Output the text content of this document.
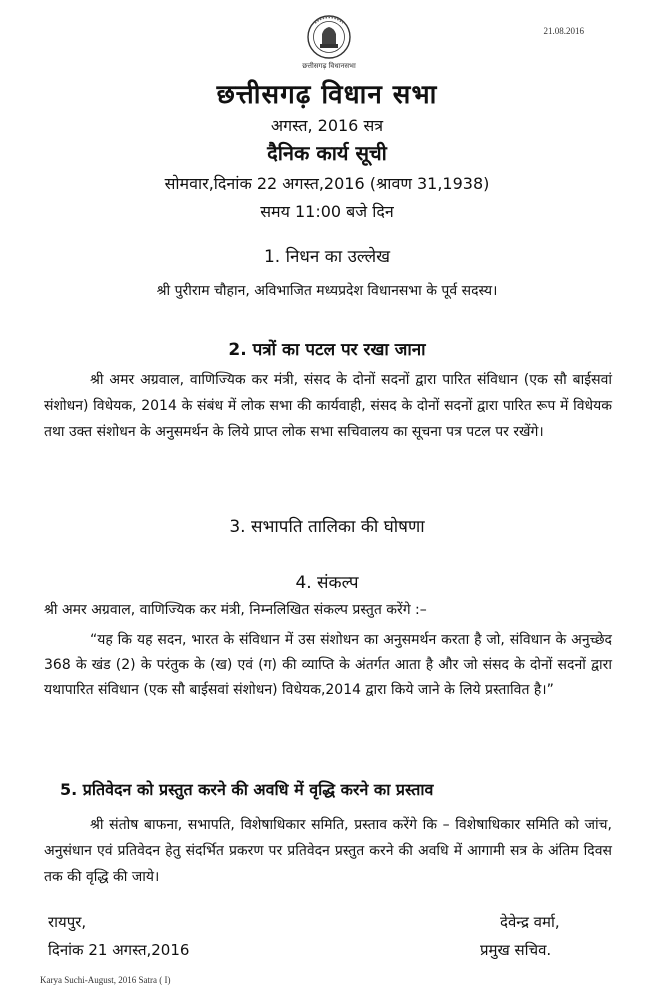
21.08.2016
छत्तीसगढ़ विधानसभा
छत्तीसगढ़ विधान सभा
अगस्त, 2016 सत्र
दैनिक कार्य सूची
सोमवार,दिनांक 22 अगस्त,2016 (श्रावण 31,1938)
समय 11:00 बजे दिन
1. निधन का उल्लेख
श्री पुरीराम चौहान, अविभाजित मध्यप्रदेश विधानसभा के पूर्व सदस्य।
2. पत्रों का पटल पर रखा जाना
श्री अमर अग्रवाल, वाणिज्यिक कर मंत्री, संसद के दोनों सदनों द्वारा पारित संविधान (एक सौ बाईसवां संशोधन) विधेयक, 2014 के संबंध में लोक सभा की कार्यवाही, संसद के दोनों सदनों द्वारा पारित रूप में विधेयक तथा उक्त संशोधन के अनुसमर्थन के लिये प्राप्त लोक सभा सचिवालय का सूचना पत्र पटल पर रखेंगे।
3. सभापति तालिका की घोषणा
4. संकल्प
श्री अमर अग्रवाल, वाणिज्यिक कर मंत्री, निम्नलिखित संकल्प प्रस्तुत करेंगे :–
“यह कि यह सदन, भारत के संविधान में उस संशोधन का अनुसमर्थन करता है जो, संविधान के अनुच्छेद 368 के खंड (2) के परंतुक के (ख) एवं (ग) की व्याप्ति के अंतर्गत आता है और जो संसद के दोनों सदनों द्वारा यथापारित संविधान (एक सौ बाईसवां संशोधन) विधेयक,2014 द्वारा किये जाने के लिये प्रस्तावित है।”
5. प्रतिवेदन को प्रस्तुत करने की अवधि में वृद्धि करने का प्रस्ताव
श्री संतोष बाफना, सभापति, विशेषाधिकार समिति, प्रस्ताव करेंगे कि – विशेषाधिकार समिति को जांच, अनुसंधान एवं प्रतिवेदन हेतु संदर्भित प्रकरण पर प्रतिवेदन प्रस्तुत करने की अवधि में आगामी सत्र के अंतिम दिवस तक की वृद्धि की जाये।
रायपुर,
दिनांक 21 अगस्त,2016
देवेन्द्र वर्मा,
प्रमुख सचिव.
Karya Suchi-August, 2016 Satra ( I)
